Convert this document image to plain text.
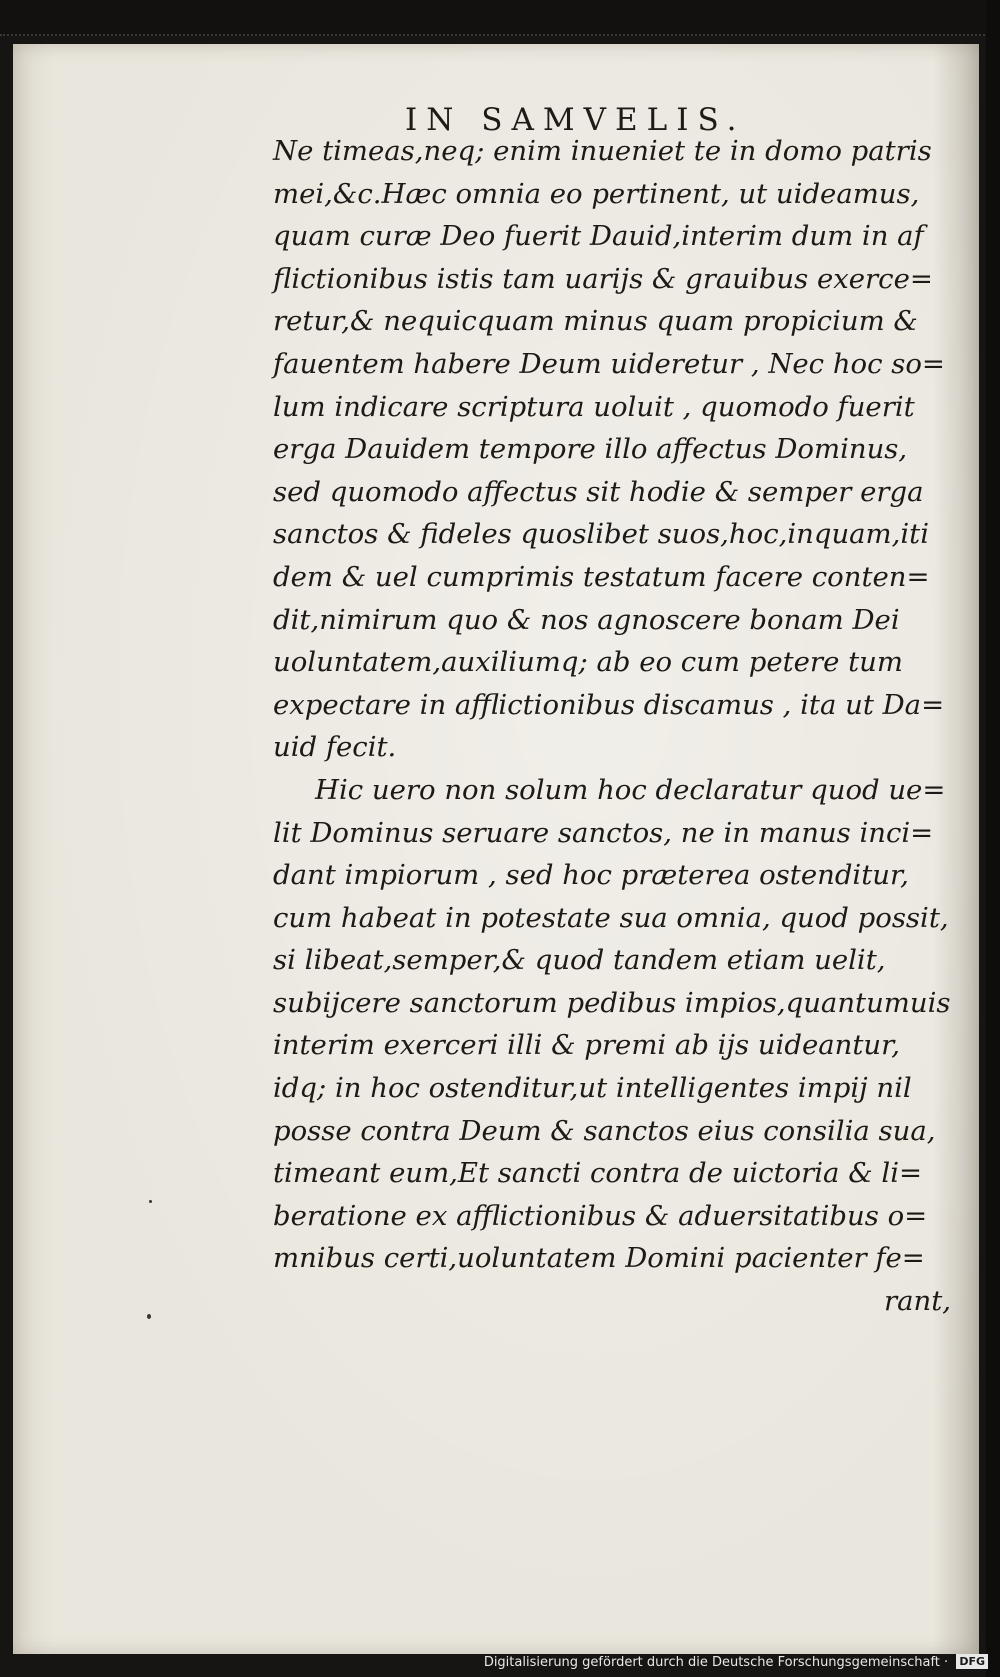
IN SAMVELIS.
Ne timeas,neq; enim inueniet te in domo patris
mei,&c.Hæc omnia eo pertinent, ut uideamus,
quam curæ Deo fuerit Dauid,interim dum in af
flictionibus istis tam uarijs & grauibus exerce=
retur,& nequicquam minus quam propicium &
fauentem habere Deum uideretur , Nec hoc so=
lum indicare scriptura uoluit , quomodo fuerit
erga Dauidem tempore illo affectus Dominus,
sed quomodo affectus sit hodie & semper erga
sanctos & fideles quoslibet suos,hoc,inquam,iti
dem & uel cumprimis testatum facere conten=
dit,nimirum quo & nos agnoscere bonam Dei
uoluntatem,auxiliumq; ab eo cum petere tum
expectare in afflictionibus discamus , ita ut Da=
uid fecit.
Hic uero non solum hoc declaratur quod ue=
lit Dominus seruare sanctos, ne in manus inci=
dant impiorum , sed hoc præterea ostenditur,
cum habeat in potestate sua omnia, quod possit,
si libeat,semper,& quod tandem etiam uelit,
subijcere sanctorum pedibus impios,quantumuis
interim exerceri illi & premi ab ijs uideantur,
idq; in hoc ostenditur,ut intelligentes impij nil
posse contra Deum & sanctos eius consilia sua,
timeant eum,Et sancti contra de uictoria & li=
beratione ex afflictionibus & aduersitatibus o=
mnibus certi,uoluntatem Domini pacienter fe=
rant,
Digitalisierung gefördert durch die Deutsche Forschungsgemeinschaft · DFG
